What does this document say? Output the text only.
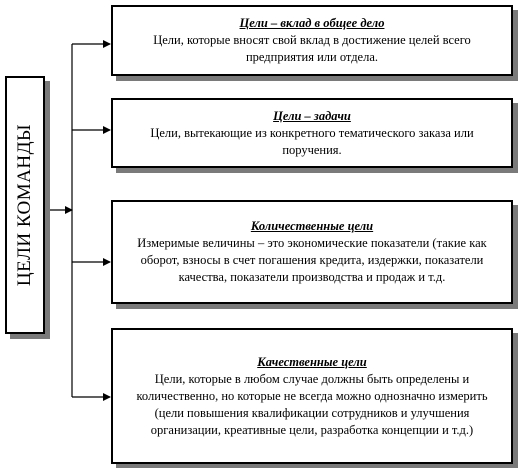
ЦЕЛИ КОМАНДЫ
Цели – вклад в общее дело
Цели, которые вносят свой вклад в достижение целей всего предприятия или отдела.
Цели – задачи
Цели, вытекающие из конкретного тематического заказа или поручения.
Количественные цели
Измеримые величины – это экономические показатели (такие как оборот, взносы в счет погашения кредита, издержки, показатели качества, показатели производства и продаж и т.д.
Качественные цели
Цели, которые в любом случае должны быть определены и количественно, но которые не всегда можно однозначно измерить (цели повышения квалификации сотрудников и улучшения организации, креативные цели, разработка концепции и т.д.)
